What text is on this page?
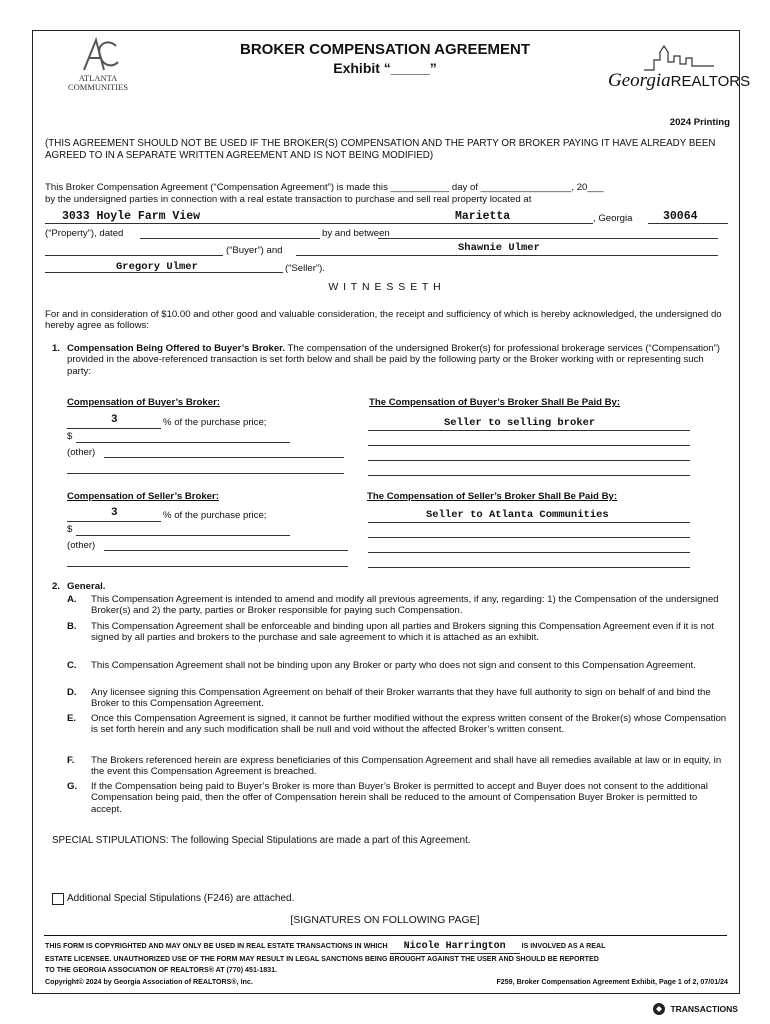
ATLANTA
COMMUNITIES
BROKER COMPENSATION AGREEMENT
Exhibit “_____”
GeorgiaREALTORS
2024 Printing
(THIS AGREEMENT SHOULD NOT BE USED IF THE BROKER(S) COMPENSATION AND THE PARTY OR BROKER PAYING IT HAVE ALREADY BEEN AGREED TO IN A SEPARATE WRITTEN AGREEMENT AND IS NOT BEING MODIFIED)
This Broker Compensation Agreement (“Compensation Agreement”) is made this ___________ day of _________________, 20___
by the undersigned parties in connection with a real estate transaction to purchase and sell real property located at
3033 Hoyle Farm View	Marietta	, Georgia	30064
(“Property”), dated	by and between
(“Buyer”) and	Shawnie Ulmer
Gregory Ulmer	(“Seller”).
W I T N E S S E T H
For and in consideration of $10.00 and other good and valuable consideration, the receipt and sufficiency of which is hereby acknowledged, the undersigned do hereby agree as follows:
1. Compensation Being Offered to Buyer’s Broker. The compensation of the undersigned Broker(s) for professional brokerage services (“Compensation”) provided in the above-referenced transaction is set forth below and shall be paid by the following party or the Broker working with or representing such party:
Compensation of Buyer’s Broker:	The Compensation of Buyer’s Broker Shall Be Paid By:
3	% of the purchase price;
$
(other)
Seller to selling broker
Compensation of Seller’s Broker:	The Compensation of Seller’s Broker Shall Be Paid By:
3	% of the purchase price;
$
(other)
Seller to Atlanta Communities
2. General.
A. This Compensation Agreement is intended to amend and modify all previous agreements, if any, regarding: 1) the Compensation of the undersigned Broker(s) and 2) the party, parties or Broker responsible for paying such Compensation.
B. This Compensation Agreement shall be enforceable and binding upon all parties and Brokers signing this Compensation Agreement even if it is not signed by all parties and brokers to the purchase and sale agreement to which it is attached as an exhibit.
C. This Compensation Agreement shall not be binding upon any Broker or party who does not sign and consent to this Compensation Agreement.
D. Any licensee signing this Compensation Agreement on behalf of their Broker warrants that they have full authority to sign on behalf of and bind the Broker to this Compensation Agreement.
E. Once this Compensation Agreement is signed, it cannot be further modified without the express written consent of the Broker(s) whose Compensation is set forth herein and any such modification shall be null and void without the affected Broker’s written consent.
F. The Brokers referenced herein are express beneficiaries of this Compensation Agreement and shall have all remedies available at law or in equity, in the event this Compensation Agreement is breached.
G. If the Compensation being paid to Buyer’s Broker is more than Buyer’s Broker is permitted to accept and Buyer does not consent to the additional Compensation being paid, then the offer of Compensation herein shall be reduced to the amount of Compensation Buyer Broker is permitted to accept.
SPECIAL STIPULATIONS: The following Special Stipulations are made a part of this Agreement.
Additional Special Stipulations (F246) are attached.
[SIGNATURES ON FOLLOWING PAGE]
THIS FORM IS COPYRIGHTED AND MAY ONLY BE USED IN REAL ESTATE TRANSACTIONS IN WHICH Nicole Harrington IS INVOLVED AS A REAL
ESTATE LICENSEE. UNAUTHORIZED USE OF THE FORM MAY RESULT IN LEGAL SANCTIONS BEING BROUGHT AGAINST THE USER AND SHOULD BE REPORTED
TO THE GEORGIA ASSOCIATION OF REALTORS® AT (770) 451-1831.
Copyright© 2024 by Georgia Association of REALTORS®, Inc.	F259, Broker Compensation Agreement Exhibit, Page 1 of 2, 07/01/24
TRANSACTIONS
